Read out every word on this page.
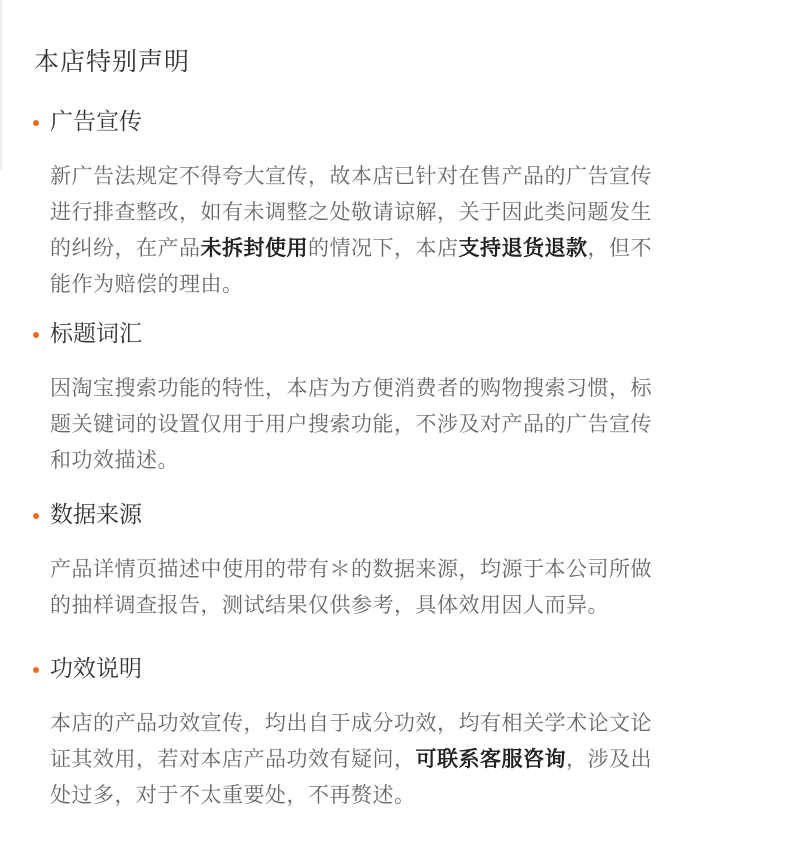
本店特别声明
广告宣传
新广告法规定不得夸大宣传，故本店已针对在售产品的广告宣传
进行排查整改，如有未调整之处敬请谅解，关于因此类问题发生
的纠纷，在产品未拆封使用的情况下，本店支持退货退款，但不
能作为赔偿的理由。
标题词汇
因淘宝搜索功能的特性，本店为方便消费者的购物搜索习惯，标
题关键词的设置仅用于用户搜索功能，不涉及对产品的广告宣传
和功效描述。
数据来源
产品详情页描述中使用的带有＊的数据来源，均源于本公司所做
的抽样调查报告，测试结果仅供参考，具体效用因人而异。
功效说明
本店的产品功效宣传，均出自于成分功效，均有相关学术论文论
证其效用，若对本店产品功效有疑问，可联系客服咨询，涉及出
处过多，对于不太重要处，不再赘述。
